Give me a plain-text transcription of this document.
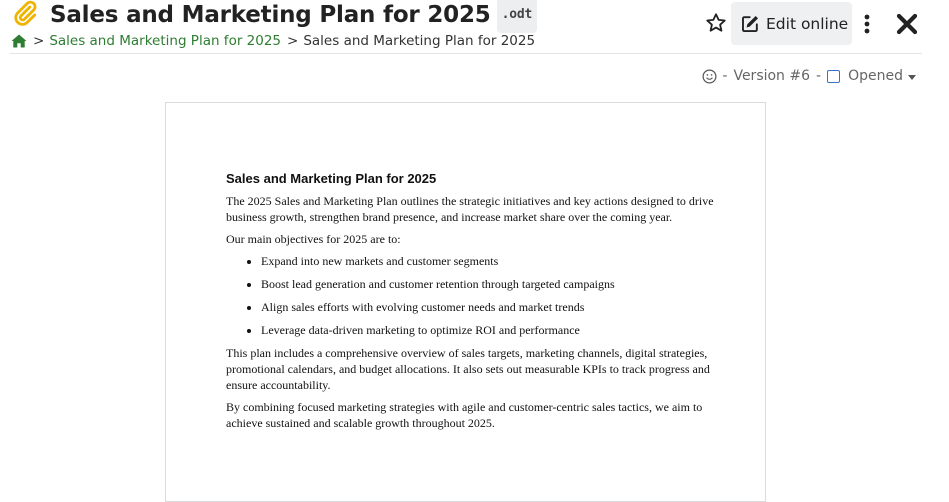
Sales and Marketing Plan for 2025 .odt
> Sales and Marketing Plan for 2025 > Sales and Marketing Plan for 2025
Edit online
- Version #6 - Opened
Sales and Marketing Plan for 2025

The 2025 Sales and Marketing Plan outlines the strategic initiatives and key actions designed to drive business growth, strengthen brand presence, and increase market share over the coming year.

Our main objectives for 2025 are to:

• Expand into new markets and customer segments
• Boost lead generation and customer retention through targeted campaigns
• Align sales efforts with evolving customer needs and market trends
• Leverage data-driven marketing to optimize ROI and performance

This plan includes a comprehensive overview of sales targets, marketing channels, digital strategies, promotional calendars, and budget allocations. It also sets out measurable KPIs to track progress and ensure accountability.

By combining focused marketing strategies with agile and customer-centric sales tactics, we aim to achieve sustained and scalable growth throughout 2025.
